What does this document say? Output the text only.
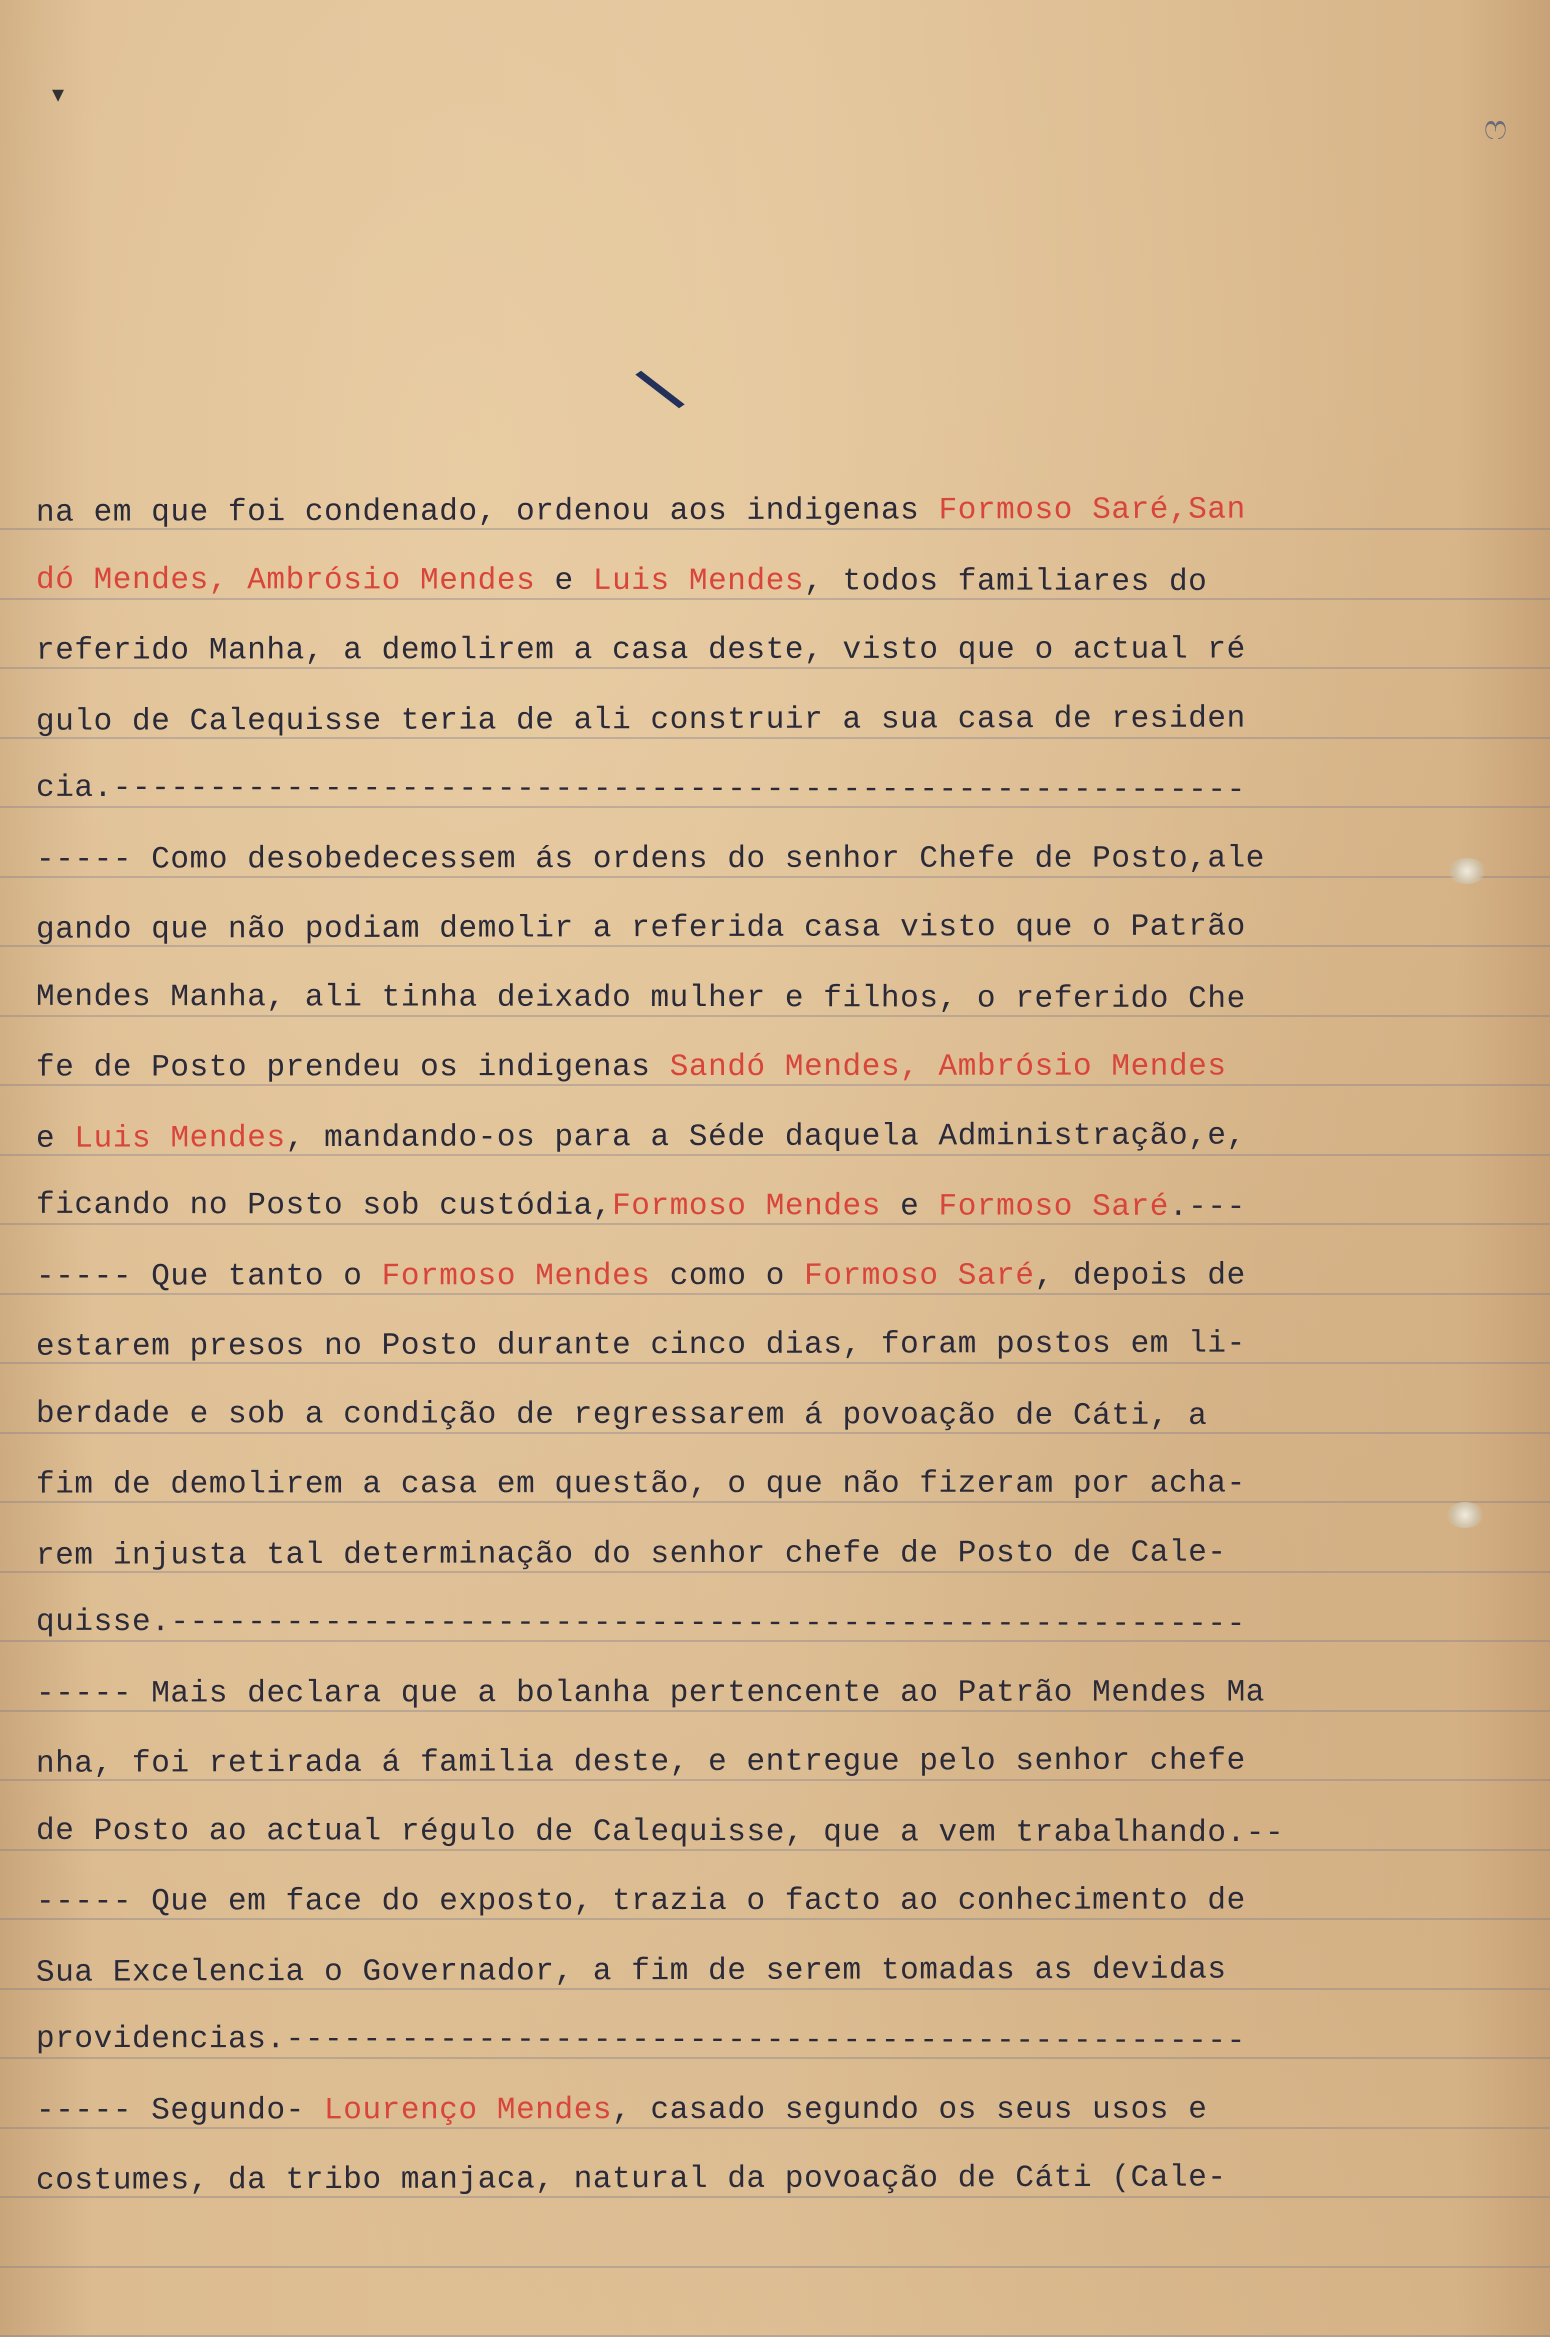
▾
ෆ
\
na em que foi condenado, ordenou aos indigenas Formoso Saré,San
dó Mendes, Ambrósio Mendes e Luis Mendes, todos familiares do
referido Manha, a demolirem a casa deste, visto que o actual ré
gulo de Calequisse teria de ali construir a sua casa de residen
cia.-----------------------------------------------------------
----- Como desobedecessem ás ordens do senhor Chefe de Posto,ale
gando que não podiam demolir a referida casa visto que o Patrão
Mendes Manha, ali tinha deixado mulher e filhos, o referido Che
fe de Posto prendeu os indigenas Sandó Mendes, Ambrósio Mendes
e Luis Mendes, mandando-os para a Séde daquela Administração,e,
ficando no Posto sob custódia,Formoso Mendes e Formoso Saré.---
----- Que tanto o Formoso Mendes como o Formoso Saré, depois de
estarem presos no Posto durante cinco dias, foram postos em li-
berdade e sob a condição de regressarem á povoação de Cáti, a
fim de demolirem a casa em questão, o que não fizeram por acha-
rem injusta tal determinação do senhor chefe de Posto de Cale-
quisse.--------------------------------------------------------
----- Mais declara que a bolanha pertencente ao Patrão Mendes Ma
nha, foi retirada á familia deste, e entregue pelo senhor chefe
de Posto ao actual régulo de Calequisse, que a vem trabalhando.--
----- Que em face do exposto, trazia o facto ao conhecimento de
Sua Excelencia o Governador, a fim de serem tomadas as devidas
providencias.--------------------------------------------------
----- Segundo- Lourenço Mendes, casado segundo os seus usos e
costumes, da tribo manjaca, natural da povoação de Cáti (Cale-
